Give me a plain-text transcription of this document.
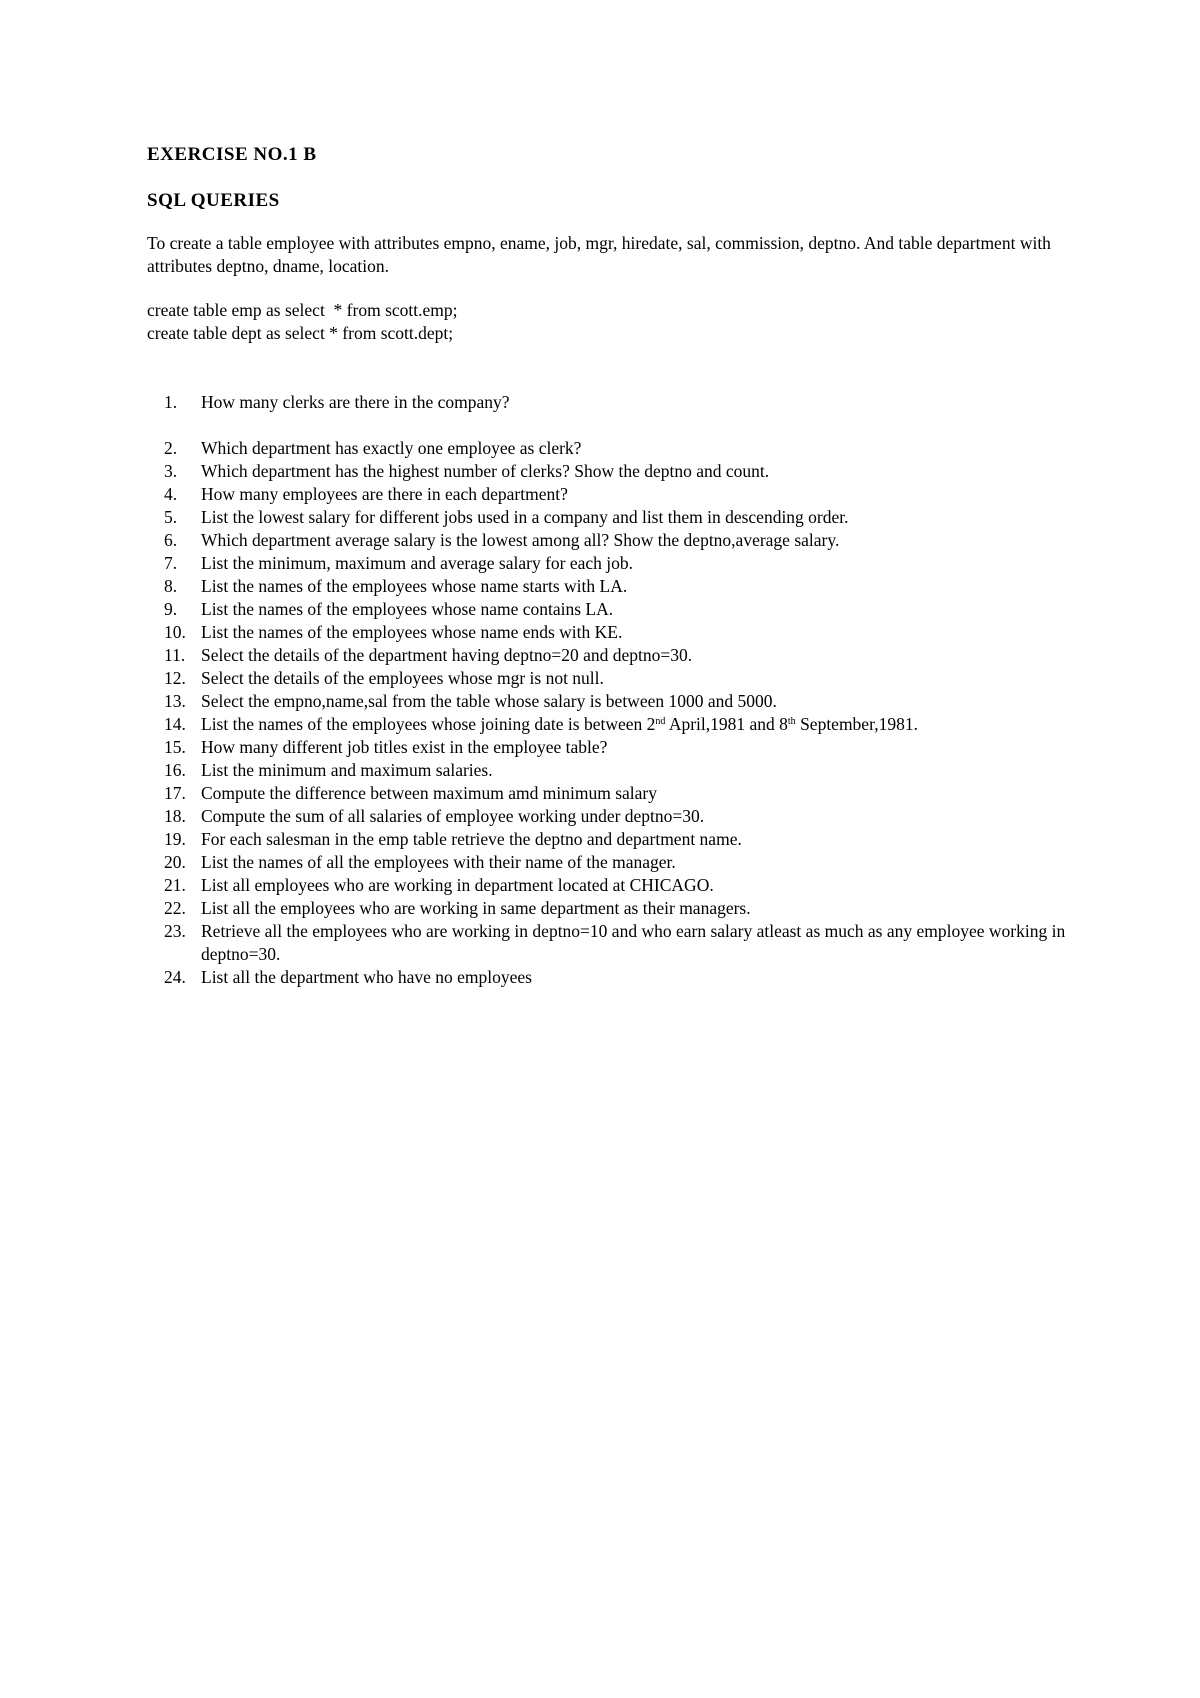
EXERCISE NO.1 B
SQL QUERIES

To create a table employee with attributes empno, ename, job, mgr, hiredate, sal, commission, deptno. And table department with attributes deptno, dname, location.

create table emp as select  * from scott.emp;
create table dept as select * from scott.dept;
1. How many clerks are there in the company?
2. Which department has exactly one employee as clerk?
3. Which department has the highest number of clerks? Show the deptno and count.
4. How many employees are there in each department?
5. List the lowest salary for different jobs used in a company and list them in descending order.
6. Which department average salary is the lowest among all? Show the deptno,average salary.
7. List the minimum, maximum and average salary for each job.
8. List the names of the employees whose name starts with LA.
9. List the names of the employees whose name contains LA.
10. List the names of the employees whose name ends with KE.
11. Select the details of the department having deptno=20 and deptno=30.
12. Select the details of the employees whose mgr is not null.
13. Select the empno,name,sal from the table whose salary is between 1000 and 5000.
14. List the names of the employees whose joining date is between 2nd April,1981 and 8th September,1981.
15. How many different job titles exist in the employee table?
16. List the minimum and maximum salaries.
17. Compute the difference between maximum amd minimum salary
18. Compute the sum of all salaries of employee working under deptno=30.
19. For each salesman in the emp table retrieve the deptno and department name.
20. List the names of all the employees with their name of the manager.
21. List all employees who are working in department located at CHICAGO.
22. List all the employees who are working in same department as their managers.
23. Retrieve all the employees who are working in deptno=10 and who earn salary atleast as much as any employee working in deptno=30.
24. List all the department who have no employees
